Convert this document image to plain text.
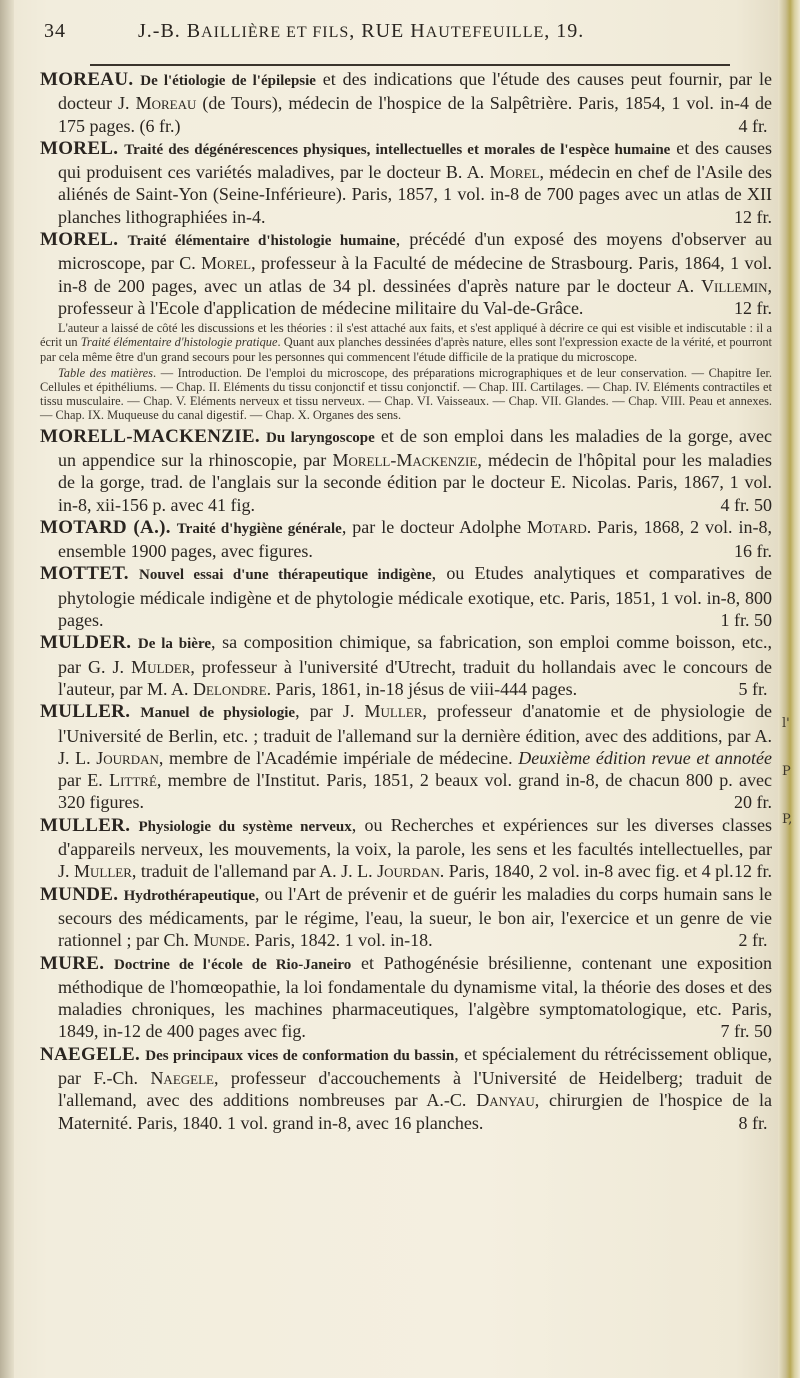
l'
P
P,
34	J.-B. BAILLIÈRE ET FILS, RUE HAUTEFEUILLE, 19.

MOREAU. De l'étiologie de l'épilepsie et des indications que l'étude des causes peut fournir, par le docteur J. Moreau (de Tours), médecin de l'hospice de la Salpêtrière. Paris, 1854, 1 vol. in-4 de 175 pages. (6 fr.)	4 fr.

MOREL. Traité des dégénérescences physiques, intellectuelles et morales de l'espèce humaine et des causes qui produisent ces variétés maladives, par le docteur B. A. Morel, médecin en chef de l'Asile des aliénés de Saint-Yon (Seine-Inférieure). Paris, 1857, 1 vol. in-8 de 700 pages avec un atlas de XII planches lithographiées in-4.	12 fr.

MOREL. Traité élémentaire d'histologie humaine, précédé d'un exposé des moyens d'observer au microscope, par C. Morel, professeur à la Faculté de médecine de Strasbourg. Paris, 1864, 1 vol. in-8 de 200 pages, avec un atlas de 34 pl. dessinées d'après nature par le docteur A. Villemin, professeur à l'Ecole d'application de médecine militaire du Val-de-Grâce.	12 fr.

L'auteur a laissé de côté les discussions et les théories : il s'est attaché aux faits, et s'est appliqué à décrire ce qui est visible et indiscutable : il a écrit un Traité élémentaire d'histologie pratique. Quant aux planches dessinées d'après nature, elles sont l'expression exacte de la vérité, et pourront par cela même être d'un grand secours pour les personnes qui commencent l'étude difficile de la pratique du microscope.

Table des matières. — Introduction. De l'emploi du microscope, des préparations micrographiques et de leur conservation. — Chapitre Ier. Cellules et épithéliums. — Chap. II. Eléments du tissu conjonctif et tissu conjonctif. — Chap. III. Cartilages. — Chap. IV. Eléments contractiles et tissu musculaire. — Chap. V. Eléments nerveux et tissu nerveux. — Chap. VI. Vaisseaux. — Chap. VII. Glandes. — Chap. VIII. Peau et annexes. — Chap. IX. Muqueuse du canal digestif. — Chap. X. Organes des sens.

MORELL-MACKENZIE. Du laryngoscope et de son emploi dans les maladies de la gorge, avec un appendice sur la rhinoscopie, par Morell-Mackenzie, médecin de l'hôpital pour les maladies de la gorge, trad. de l'anglais sur la seconde édition par le docteur E. Nicolas. Paris, 1867, 1 vol. in-8, xii-156 p. avec 41 fig.	4 fr. 50

MOTARD (A.). Traité d'hygiène générale, par le docteur Adolphe Motard. Paris, 1868, 2 vol. in-8, ensemble 1900 pages, avec figures.	16 fr.

MOTTET. Nouvel essai d'une thérapeutique indigène, ou Etudes analytiques et comparatives de phytologie médicale indigène et de phytologie médicale exotique, etc. Paris, 1851, 1 vol. in-8, 800 pages.	1 fr. 50

MULDER. De la bière, sa composition chimique, sa fabrication, son emploi comme boisson, etc., par G. J. Mulder, professeur à l'université d'Utrecht, traduit du hollandais avec le concours de l'auteur, par M. A. Delondre. Paris, 1861, in-18 jésus de viii-444 pages.	5 fr.

MULLER. Manuel de physiologie, par J. Muller, professeur d'anatomie et de physiologie de l'Université de Berlin, etc. ; traduit de l'allemand sur la dernière édition, avec des additions, par A. J. L. Jourdan, membre de l'Académie impériale de médecine. Deuxième édition revue et annotée par E. Littré, membre de l'Institut. Paris, 1851, 2 beaux vol. grand in-8, de chacun 800 p. avec 320 figures.	20 fr.

MULLER. Physiologie du système nerveux, ou Recherches et expériences sur les diverses classes d'appareils nerveux, les mouvements, la voix, la parole, les sens et les facultés intellectuelles, par J. Muller, traduit de l'allemand par A. J. L. Jourdan. Paris, 1840, 2 vol. in-8 avec fig. et 4 pl. 12 fr.

MUNDE. Hydrothérapeutique, ou l'Art de prévenir et de guérir les maladies du corps humain sans le secours des médicaments, par le régime, l'eau, la sueur, le bon air, l'exercice et un genre de vie rationnel ; par Ch. Munde. Paris, 1842. 1 vol. in-18.	2 fr.

MURE. Doctrine de l'école de Rio-Janeiro et Pathogénésie brésilienne, contenant une exposition méthodique de l'homœopathie, la loi fondamentale du dynamisme vital, la théorie des doses et des maladies chroniques, les machines pharmaceutiques, l'algèbre symptomatologique, etc. Paris, 1849, in-12 de 400 pages avec fig.	7 fr. 50

NAEGELE. Des principaux vices de conformation du bassin, et spécialement du rétrécissement oblique, par F.-Ch. Naegele, professeur d'accouchements à l'Université de Heidelberg; traduit de l'allemand, avec des additions nombreuses par A.-C. Danyau, chirurgien de l'hospice de la Maternité. Paris, 1840. 1 vol. grand in-8, avec 16 planches.	8 fr.
